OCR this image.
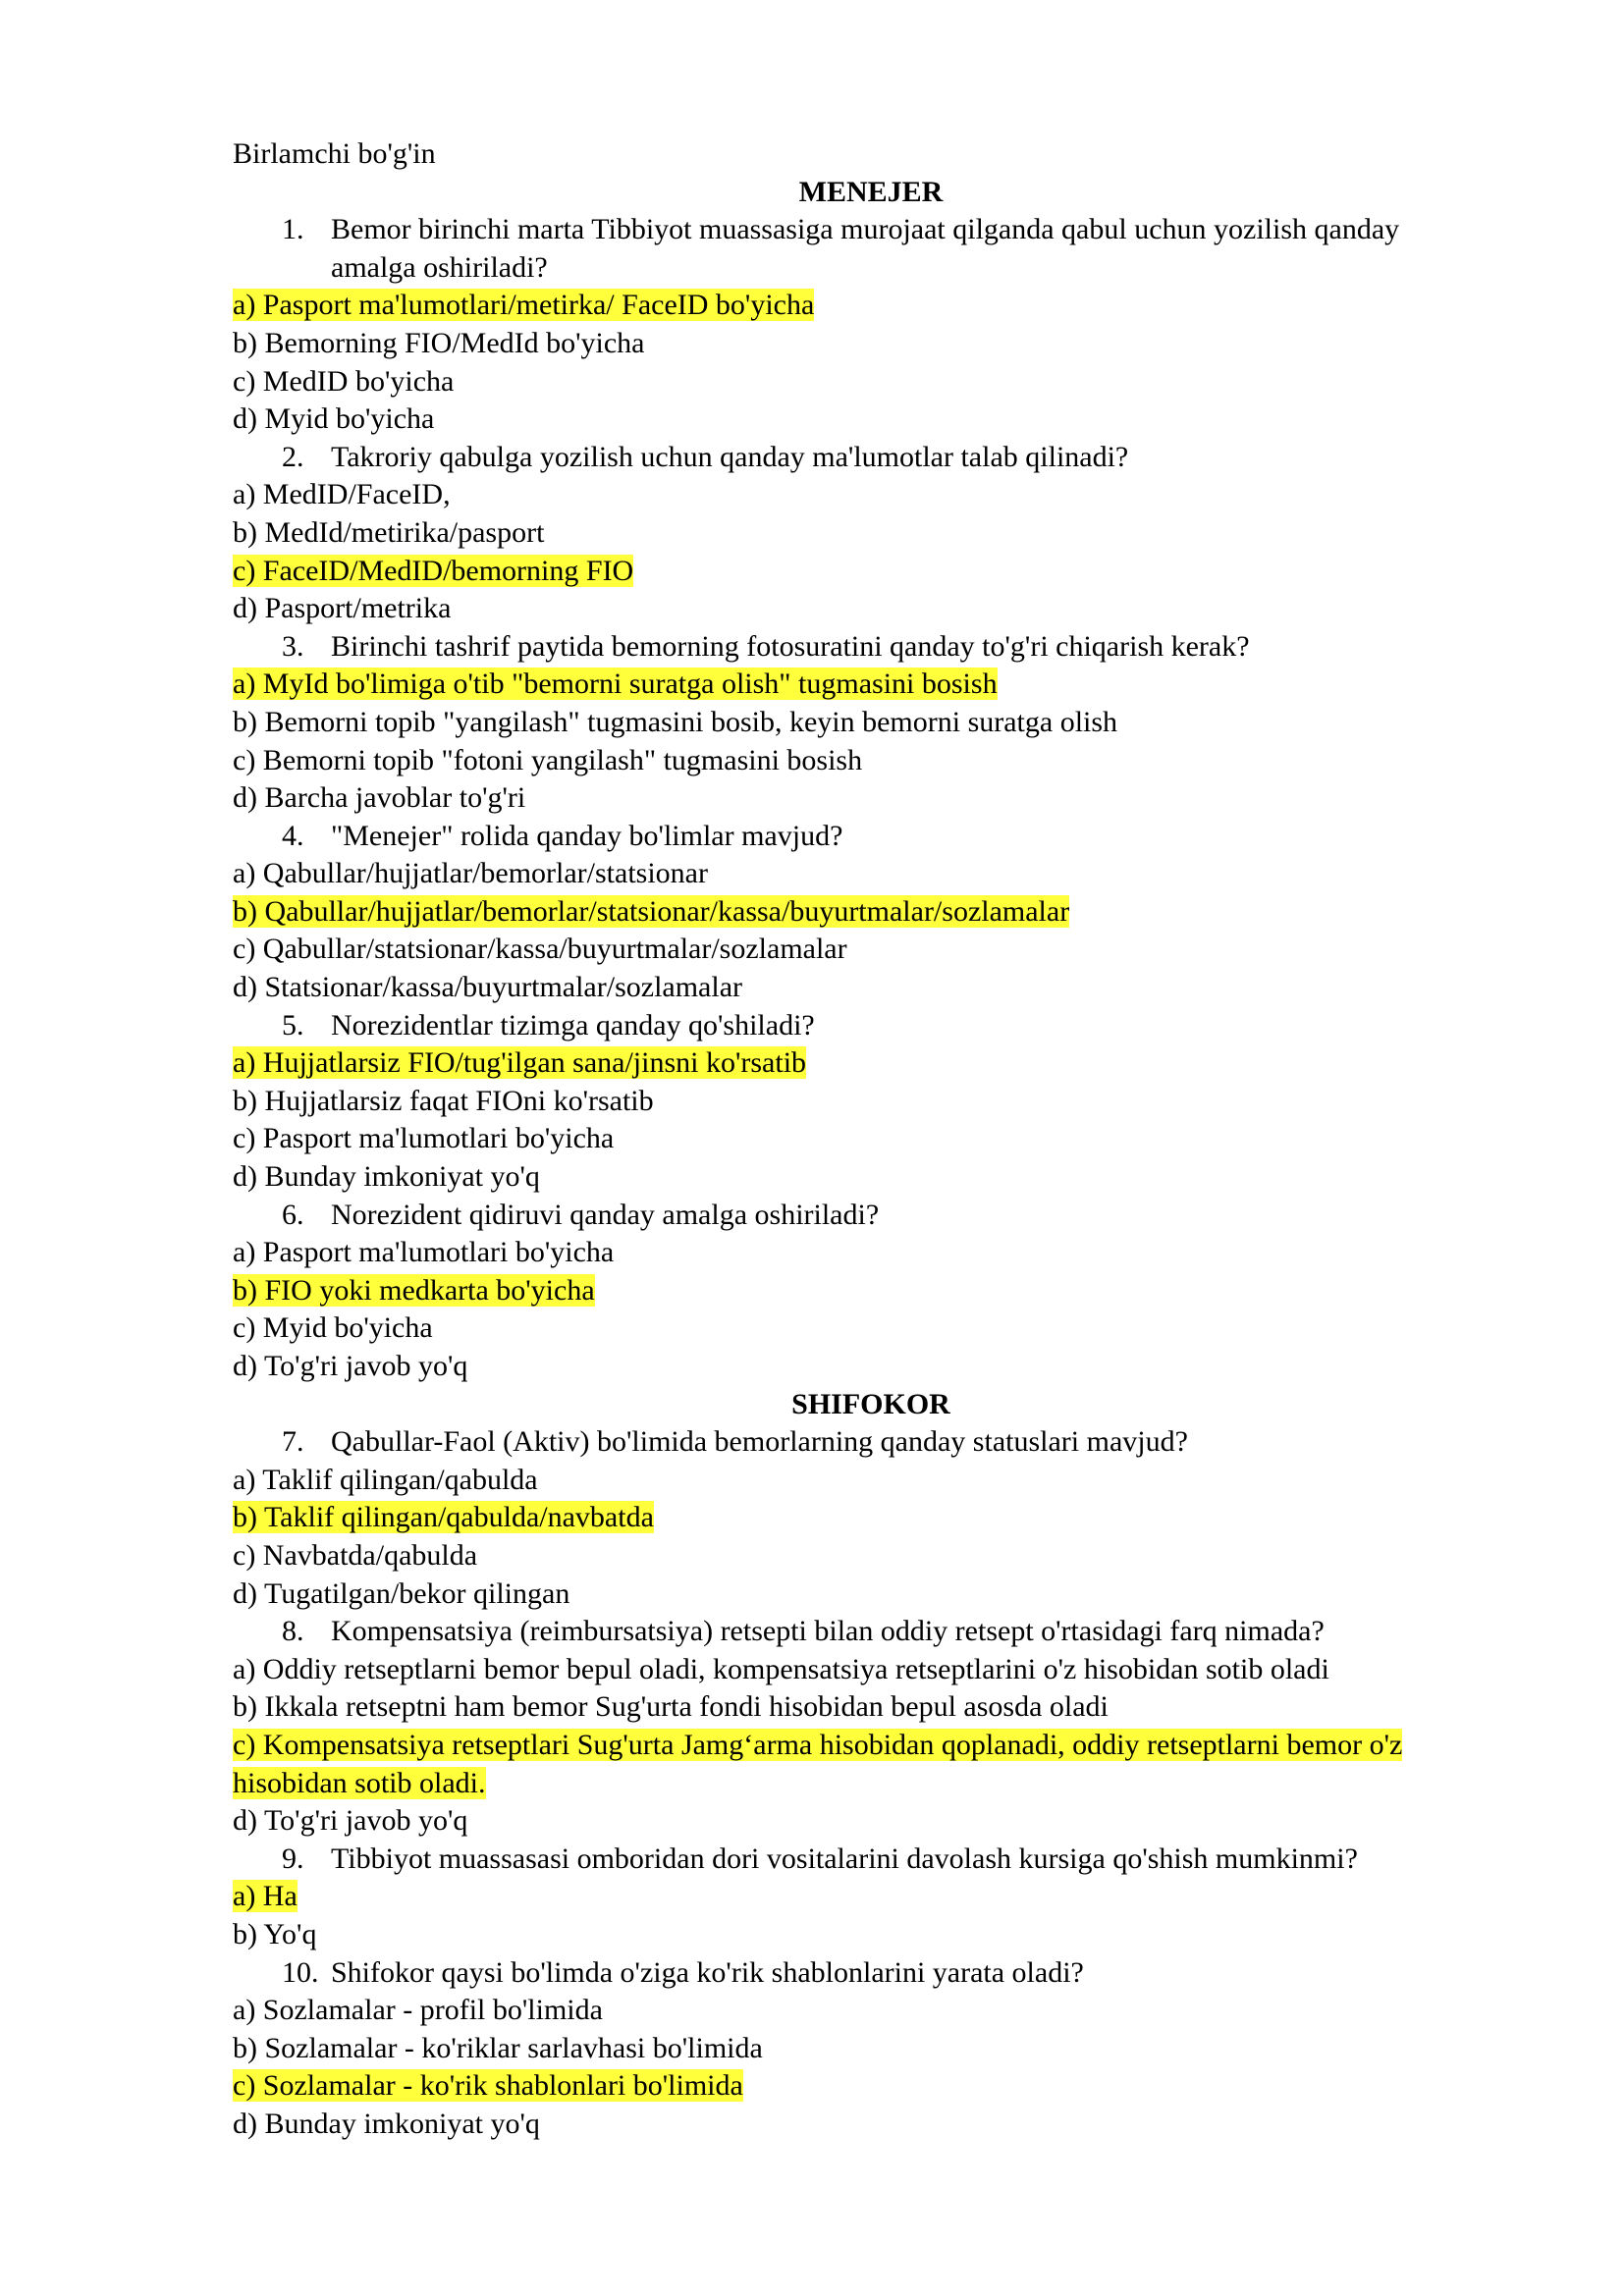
Birlamchi bo'g'in
MENEJER
1. Bemor birinchi marta Tibbiyot muassasiga murojaat qilganda qabul uchun yozilish qanday amalga oshiriladi?
a) Pasport ma'lumotlari/metirka/ FaceID bo'yicha
b) Bemorning FIO/MedId bo'yicha
c) MedID bo'yicha
d) Myid bo'yicha
2. Takroriy qabulga yozilish uchun qanday ma'lumotlar talab qilinadi?
a) MedID/FaceID,
b) MedId/metirika/pasport
c) FaceID/MedID/bemorning FIO
d) Pasport/metrika
3. Birinchi tashrif paytida bemorning fotosuratini qanday to'g'ri chiqarish kerak?
a) MyId bo'limiga o'tib "bemorni suratga olish" tugmasini bosish
b) Bemorni topib "yangilash" tugmasini bosib, keyin bemorni suratga olish
c) Bemorni topib "fotoni yangilash" tugmasini bosish
d) Barcha javoblar to'g'ri
4. "Menejer" rolida qanday bo'limlar mavjud?
a) Qabullar/hujjatlar/bemorlar/statsionar
b) Qabullar/hujjatlar/bemorlar/statsionar/kassa/buyurtmalar/sozlamalar
c) Qabullar/statsionar/kassa/buyurtmalar/sozlamalar
d) Statsionar/kassa/buyurtmalar/sozlamalar
5. Norezidentlar tizimga qanday qo'shiladi?
a) Hujjatlarsiz FIO/tug'ilgan sana/jinsni ko'rsatib
b) Hujjatlarsiz faqat FIOni ko'rsatib
c) Pasport ma'lumotlari bo'yicha
d) Bunday imkoniyat yo'q
6. Norezident qidiruvi qanday amalga oshiriladi?
a) Pasport ma'lumotlari bo'yicha
b) FIO yoki medkarta bo'yicha
c) Myid bo'yicha
d) To'g'ri javob yo'q
SHIFOKOR
7. Qabullar-Faol (Aktiv) bo'limida bemorlarning qanday statuslari mavjud?
a) Taklif qilingan/qabulda
b) Taklif qilingan/qabulda/navbatda
c) Navbatda/qabulda
d) Tugatilgan/bekor qilingan
8. Kompensatsiya (reimbursatsiya) retsepti bilan oddiy retsept o'rtasidagi farq nimada?
a) Oddiy retseptlarni bemor bepul oladi, kompensatsiya retseptlarini o'z hisobidan sotib oladi
b) Ikkala retseptni ham bemor Sug'urta fondi hisobidan bepul asosda oladi
c) Kompensatsiya retseptlari Sug'urta Jamg‘arma hisobidan qoplanadi, oddiy retseptlarni bemor o'z hisobidan sotib oladi.
d) To'g'ri javob yo'q
9. Tibbiyot muassasasi omboridan dori vositalarini davolash kursiga qo'shish mumkinmi?
a) Ha
b) Yo'q
10. Shifokor qaysi bo'limda o'ziga ko'rik shablonlarini yarata oladi?
a) Sozlamalar - profil bo'limida
b) Sozlamalar - ko'riklar sarlavhasi bo'limida
c) Sozlamalar - ko'rik shablonlari bo'limida
d) Bunday imkoniyat yo'q
